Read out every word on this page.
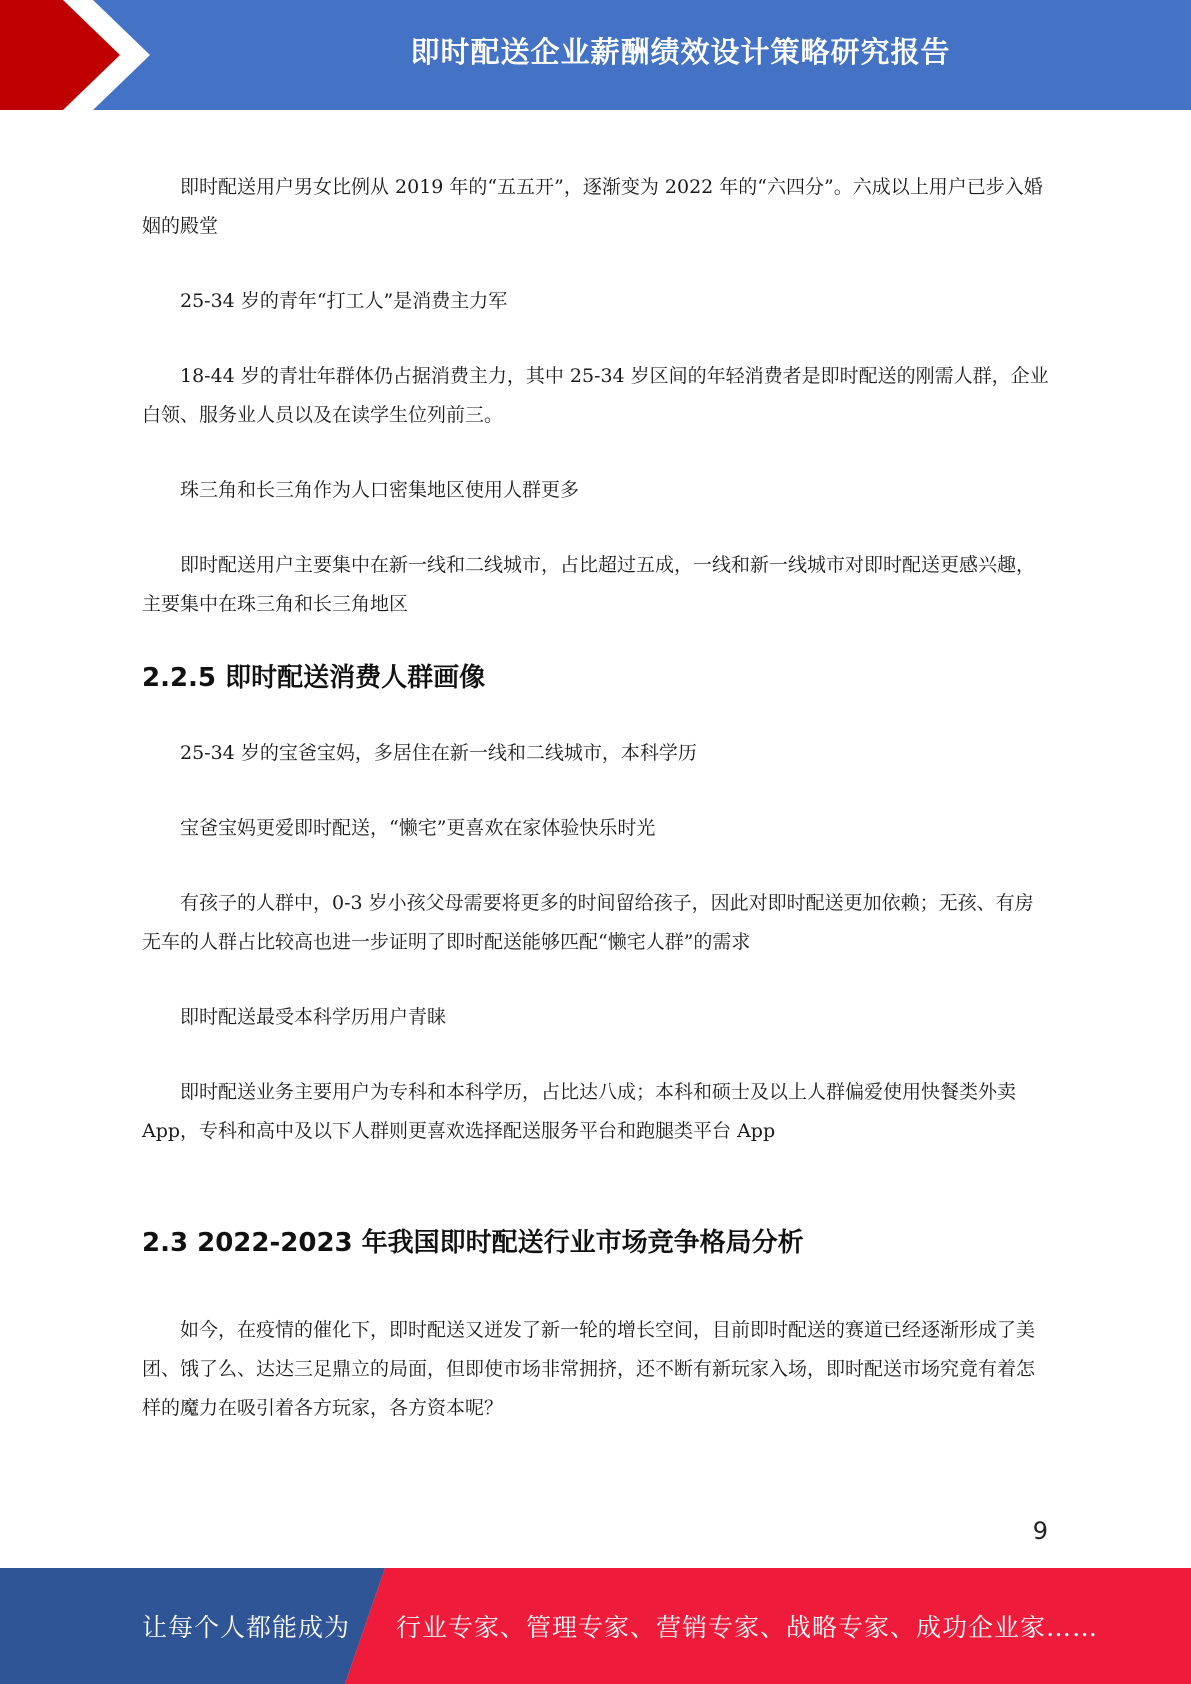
即时配送企业薪酬绩效设计策略研究报告

即时配送用户男女比例从 2019 年的“五五开”，逐渐变为 2022 年的“六四分”。六成以上用户已步入婚姻的殿堂

25-34 岁的青年“打工人”是消费主力军

18-44 岁的青壮年群体仍占据消费主力，其中 25-34 岁区间的年轻消费者是即时配送的刚需人群，企业白领、服务业人员以及在读学生位列前三。

珠三角和长三角作为人口密集地区使用人群更多

即时配送用户主要集中在新一线和二线城市，占比超过五成，一线和新一线城市对即时配送更感兴趣，主要集中在珠三角和长三角地区

2.2.5 即时配送消费人群画像

25-34 岁的宝爸宝妈，多居住在新一线和二线城市，本科学历

宝爸宝妈更爱即时配送，“懒宅”更喜欢在家体验快乐时光

有孩子的人群中，0-3 岁小孩父母需要将更多的时间留给孩子，因此对即时配送更加依赖；无孩、有房无车的人群占比较高也进一步证明了即时配送能够匹配“懒宅人群”的需求

即时配送最受本科学历用户青睐

即时配送业务主要用户为专科和本科学历，占比达八成；本科和硕士及以上人群偏爱使用快餐类外卖 App，专科和高中及以下人群则更喜欢选择配送服务平台和跑腿类平台 App

2.3 2022-2023 年我国即时配送行业市场竞争格局分析

如今，在疫情的催化下，即时配送又迸发了新一轮的增长空间，目前即时配送的赛道已经逐渐形成了美团、饿了么、达达三足鼎立的局面，但即使市场非常拥挤，还不断有新玩家入场，即时配送市场究竟有着怎样的魔力在吸引着各方玩家，各方资本呢？

9
让每个人都能成为 行业专家、管理专家、营销专家、战略专家、成功企业家……
